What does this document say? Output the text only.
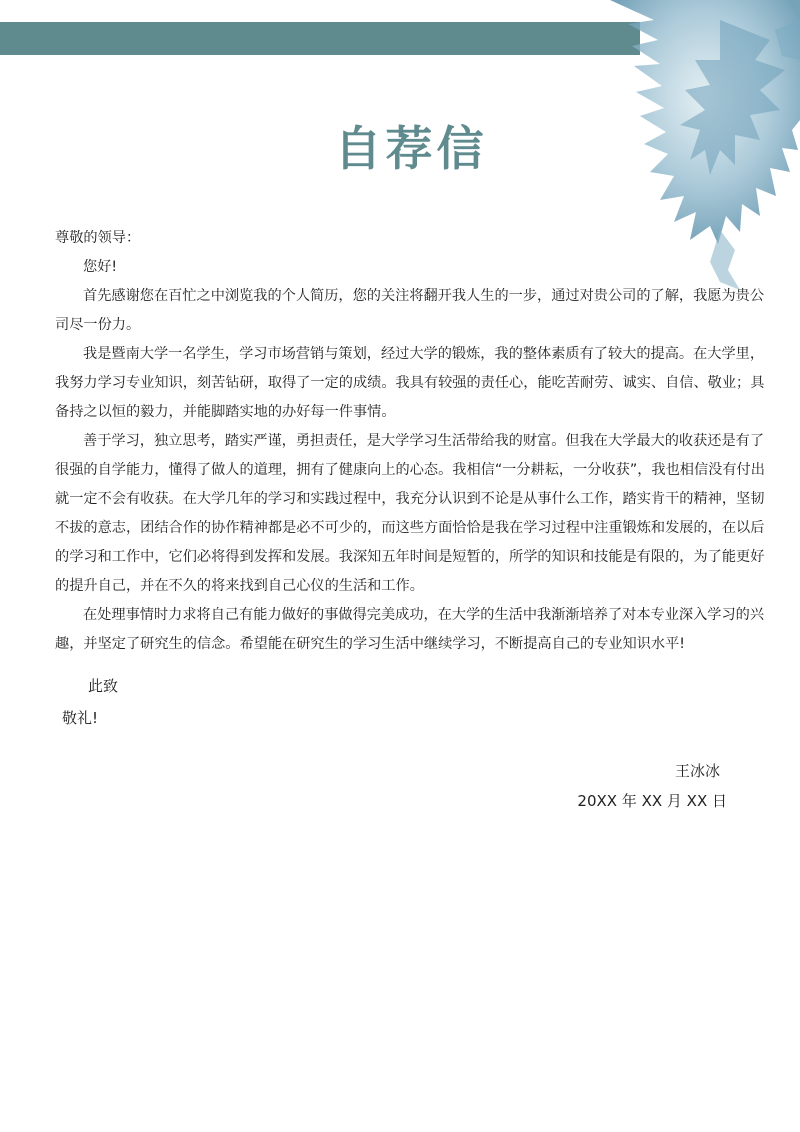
自荐信

尊敬的领导：

您好!

首先感谢您在百忙之中浏览我的个人简历，您的关注将翻开我人生的一步，通过对贵公司的了解，我愿为贵公司尽一份力。

我是暨南大学一名学生，学习市场营销与策划，经过大学的锻炼，我的整体素质有了较大的提高。在大学里，我努力学习专业知识，刻苦钻研，取得了一定的成绩。我具有较强的责任心，能吃苦耐劳、诚实、自信、敬业；具备持之以恒的毅力，并能脚踏实地的办好每一件事情。

善于学习，独立思考，踏实严谨，勇担责任，是大学学习生活带给我的财富。但我在大学最大的收获还是有了很强的自学能力，懂得了做人的道理，拥有了健康向上的心态。我相信“一分耕耘，一分收获”，我也相信没有付出就一定不会有收获。在大学几年的学习和实践过程中，我充分认识到不论是从事什么工作，踏实肯干的精神，坚韧不拔的意志，团结合作的协作精神都是必不可少的，而这些方面恰恰是我在学习过程中注重锻炼和发展的，在以后的学习和工作中，它们必将得到发挥和发展。我深知五年时间是短暂的，所学的知识和技能是有限的，为了能更好的提升自己，并在不久的将来找到自己心仪的生活和工作。

在处理事情时力求将自己有能力做好的事做得完美成功，在大学的生活中我渐渐培养了对本专业深入学习的兴趣，并坚定了研究生的信念。希望能在研究生的学习生活中继续学习，不断提高自己的专业知识水平!

此致
敬礼!
王冰冰
20XX 年 XX 月 XX 日
